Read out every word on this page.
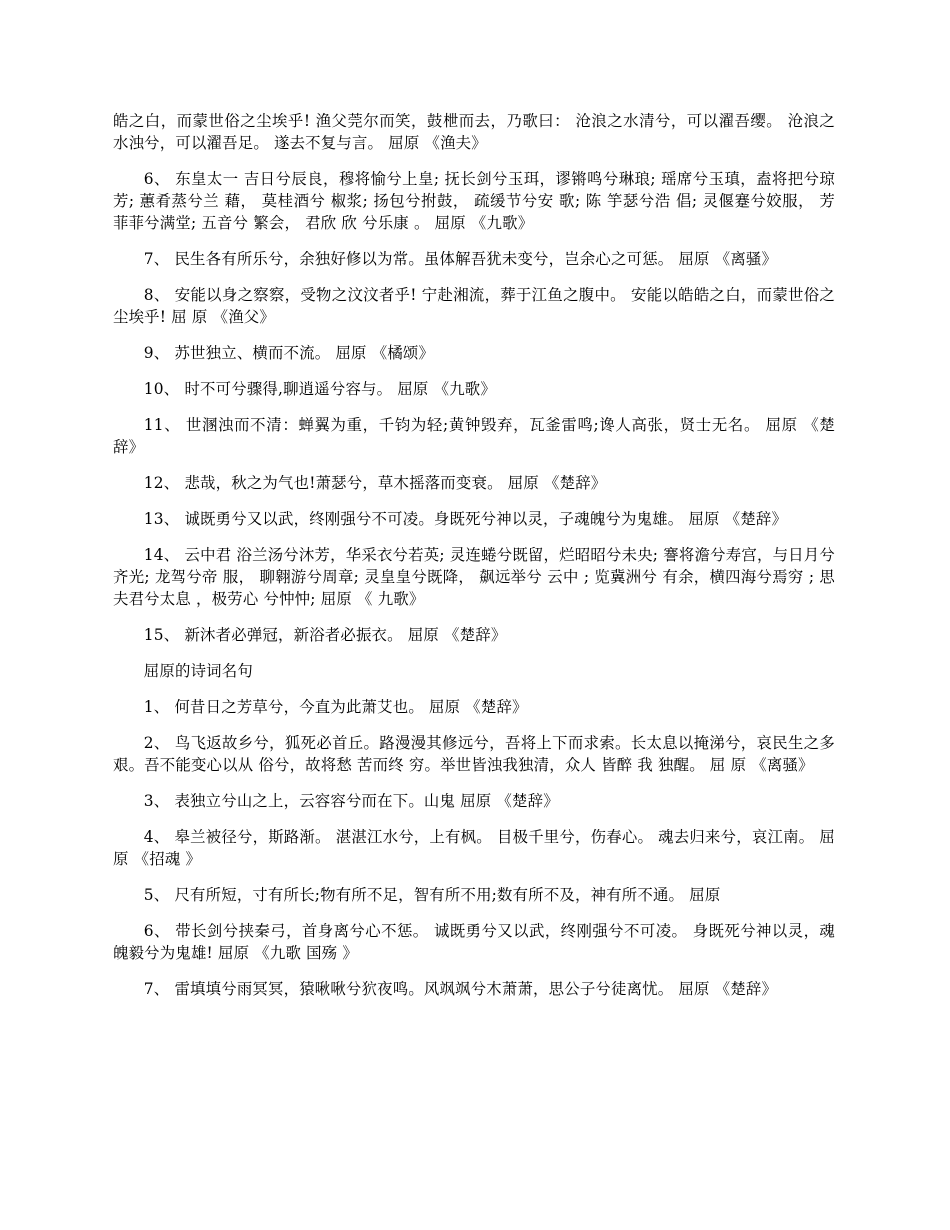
皓之白，而蒙世俗之尘埃乎! 渔父莞尔而笑，鼓枻而去，乃歌曰： 沧浪之水清兮，可以濯吾缨。 沧浪之水浊兮，可以濯吾足。 遂去不复与言。 屈原 《渔夫》

6、 东皇太一 吉日兮辰良，穆将愉兮上皇; 抚长剑兮玉珥，谬锵鸣兮琳琅; 瑶席兮玉瑱，盍将把兮琼芳; 蕙肴蒸兮兰 藉， 莫桂酒兮 椒浆; 扬包兮拊鼓， 疏缓节兮安 歌; 陈 竽瑟兮浩 倡; 灵偃蹇兮姣服， 芳 菲菲兮满堂; 五音兮 繁会， 君欣 欣 兮乐康 。 屈原 《九歌》

7、 民生各有所乐兮，余独好修以为常。虽体解吾犹未变兮，岂余心之可惩。 屈原 《离骚》

8、 安能以身之察察，受物之汶汶者乎! 宁赴湘流，葬于江鱼之腹中。 安能以皓皓之白，而蒙世俗之尘埃乎! 屈 原 《渔父》

9、 苏世独立、横而不流。 屈原 《橘颂》

10、 时不可兮骤得,聊逍遥兮容与。 屈原 《九歌》

11、 世溷浊而不清：蝉翼为重，千钧为轻;黄钟毁弃，瓦釜雷鸣;谗人高张，贤士无名。 屈原 《楚辞》

12、 悲哉，秋之为气也!萧瑟兮，草木摇落而变衰。 屈原 《楚辞》

13、 诚既勇兮又以武，终刚强兮不可凌。身既死兮神以灵，子魂魄兮为鬼雄。 屈原 《楚辞》

14、 云中君 浴兰汤兮沐芳，华采衣兮若英; 灵连蜷兮既留，烂昭昭兮未央; 謇将澹兮寿宫，与日月兮齐光; 龙驾兮帝 服， 聊翱游兮周章; 灵皇皇兮既降， 飙远举兮 云中 ; 览冀洲兮 有余，横四海兮焉穷 ; 思夫君兮太息 ，极劳心 兮忡忡; 屈原 《 九歌》

15、 新沐者必弹冠，新浴者必振衣。 屈原 《楚辞》

屈原的诗词名句

1、 何昔日之芳草兮，今直为此萧艾也。 屈原 《楚辞》

2、 鸟飞返故乡兮，狐死必首丘。路漫漫其修远兮，吾将上下而求索。长太息以掩涕兮，哀民生之多艰。吾不能变心以从 俗兮，故将愁 苦而终 穷。举世皆浊我独清，众人 皆醉 我 独醒。 屈 原 《离骚》

3、 表独立兮山之上，云容容兮而在下。山鬼 屈原 《楚辞》

4、 皋兰被径兮，斯路渐。 湛湛江水兮，上有枫。 目极千里兮，伤春心。 魂去归来兮，哀江南。 屈原 《招魂 》

5、 尺有所短，寸有所长;物有所不足，智有所不用;数有所不及，神有所不通。 屈原

6、 带长剑兮挟秦弓，首身离兮心不惩。 诚既勇兮又以武，终刚强兮不可凌。 身既死兮神以灵，魂魄毅兮为鬼雄! 屈原 《九歌 国殇 》

7、 雷填填兮雨冥冥，猿啾啾兮狖夜鸣。风飒飒兮木萧萧，思公子兮徒离忧。 屈原 《楚辞》
